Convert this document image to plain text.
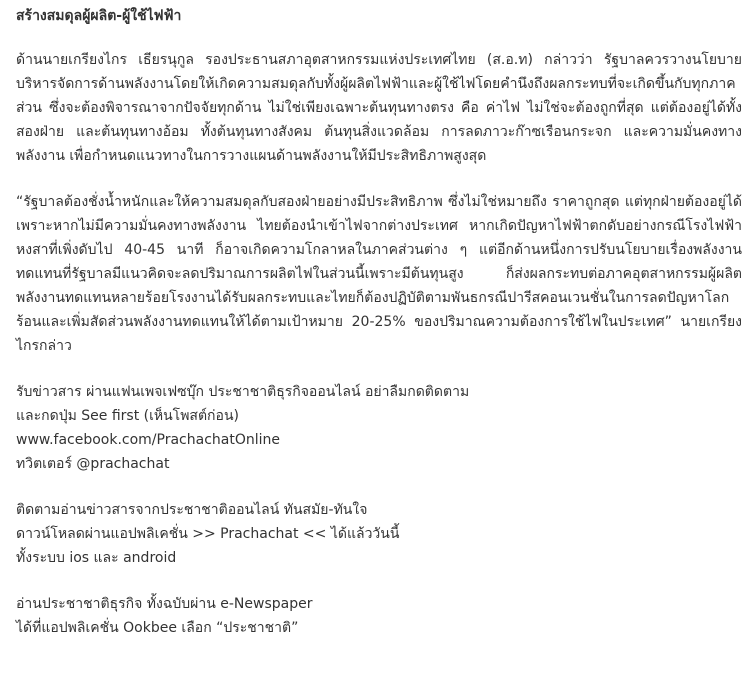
สร้างสมดุลผู้ผลิต-ผู้ใช้ไฟฟ้า

ด้านนายเกรียงไกร เธียรนุกูล รองประธานสภาอุตสาหกรรมแห่งประเทศไทย (ส.อ.ท) กล่าวว่า รัฐบาลควรวางนโยบายบริหารจัดการด้านพลังงานโดยให้เกิดความสมดุลกับทั้งผู้ผลิตไฟฟ้าและผู้ใช้ไฟโดยคำนึงถึงผลกระทบที่จะเกิดขึ้นกับทุกภาคส่วน ซึ่งจะต้องพิจารณาจากปัจจัยทุกด้าน ไม่ใช่เพียงเฉพาะต้นทุนทางตรง คือ ค่าไฟ ไม่ใช่จะต้องถูกที่สุด แต่ต้องอยู่ได้ทั้งสองฝ่าย และต้นทุนทางอ้อม ทั้งต้นทุนทางสังคม ต้นทุนสิ่งแวดล้อม การลดภาวะก๊าซเรือนกระจก และความมั่นคงทางพลังงาน เพื่อกำหนดแนวทางในการวางแผนด้านพลังงานให้มีประสิทธิภาพสูงสุด

“รัฐบาลต้องชั่งน้ำหนักและให้ความสมดุลกับสองฝ่ายอย่างมีประสิทธิภาพ ซึ่งไม่ใช่หมายถึง ราคาถูกสุด แต่ทุกฝ่ายต้องอยู่ได้เพราะหากไม่มีความมั่นคงทางพลังงาน ไทยต้องนำเข้าไฟจากต่างประเทศ หากเกิดปัญหาไฟฟ้าตกดับอย่างกรณีโรงไฟฟ้าหงสาที่เพิ่งดับไป 40-45 นาที ก็อาจเกิดความโกลาหลในภาคส่วนต่าง ๆ แต่อีกด้านหนึ่งการปรับนโยบายเรื่องพลังงานทดแทนที่รัฐบาลมีแนวคิดจะลดปริมาณการผลิตไฟในส่วนนี้เพราะมีต้นทุนสูง ก็ส่งผลกระทบต่อภาคอุตสาหกรรมผู้ผลิตพลังงานทดแทนหลายร้อยโรงงานได้รับผลกระทบและไทยก็ต้องปฏิบัติตามพันธกรณีปารีสคอนเวนชั่นในการลดปัญหาโลกร้อนและเพิ่มสัดส่วนพลังงานทดแทนให้ได้ตามเป้าหมาย 20-25% ของปริมาณความต้องการใช้ไฟในประเทศ” นายเกรียงไกรกล่าว

รับข่าวสาร ผ่านแฟนเพจเฟซบุ๊ก ประชาชาติธุรกิจออนไลน์ อย่าลืมกดติดตาม
และกดปุ่ม See first (เห็นโพสต์ก่อน)
www.facebook.com/PrachachatOnline
ทวิตเตอร์ @prachachat
ติดตามอ่านข่าวสารจากประชาชาติออนไลน์ ทันสมัย-ทันใจ
ดาวน์โหลดผ่านแอปพลิเคชั่น >> Prachachat << ได้แล้ววันนี้
ทั้งระบบ ios และ android
อ่านประชาชาติธุรกิจ ทั้งฉบับผ่าน e-Newspaper
ได้ที่แอปพลิเคชั่น Ookbee เลือก “ประชาชาติ”
